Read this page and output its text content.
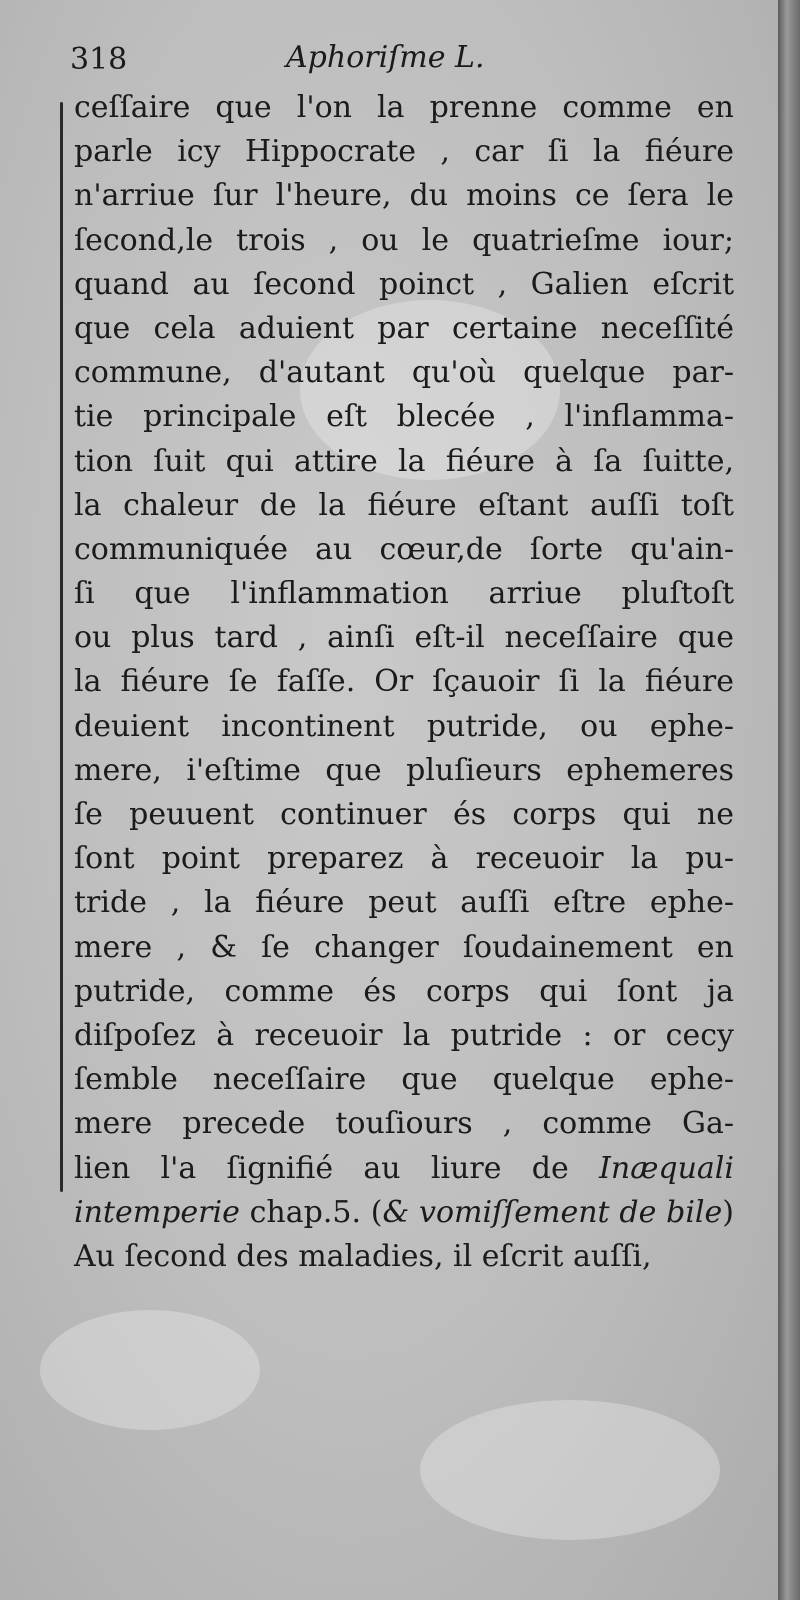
318	Aphoriſme L.
ceſſaire que l'on la prenne comme en
parle icy Hippocrate , car ſi la fiéure
n'arriue ſur l'heure, du moins ce ſera le
ſecond,le trois , ou le quatrieſme iour;
quand au ſecond poinct , Galien eſcrit
que cela aduient par certaine neceſſité
commune, d'autant qu'où quelque par-
tie principale eſt blecée , l'inflamma-
tion ſuit qui attire la fiéure à ſa ſuitte,
la chaleur de la fiéure eſtant auſſi toſt
communiquée au cœur,de ſorte qu'ain-
ſi que l'inflammation arriue pluſtoſt
ou plus tard , ainſi eſt-il neceſſaire que
la fiéure ſe faſſe. Or ſçauoir ſi la fiéure
deuient incontinent putride, ou ephe-
mere, i'eſtime que pluſieurs ephemeres
ſe peuuent continuer és corps qui ne
ſont point preparez à receuoir la pu-
tride , la fiéure peut auſſi eſtre ephe-
mere , & ſe changer ſoudainement en
putride, comme és corps qui ſont ja
diſpoſez à receuoir la putride : or cecy
ſemble neceſſaire que quelque ephe-
mere precede touſiours , comme Ga-
lien l'a ſignifié au liure de Inæquali
intemperie chap.5. (& vomiſſement de bile)
Au ſecond des maladies, il eſcrit auſſi,
